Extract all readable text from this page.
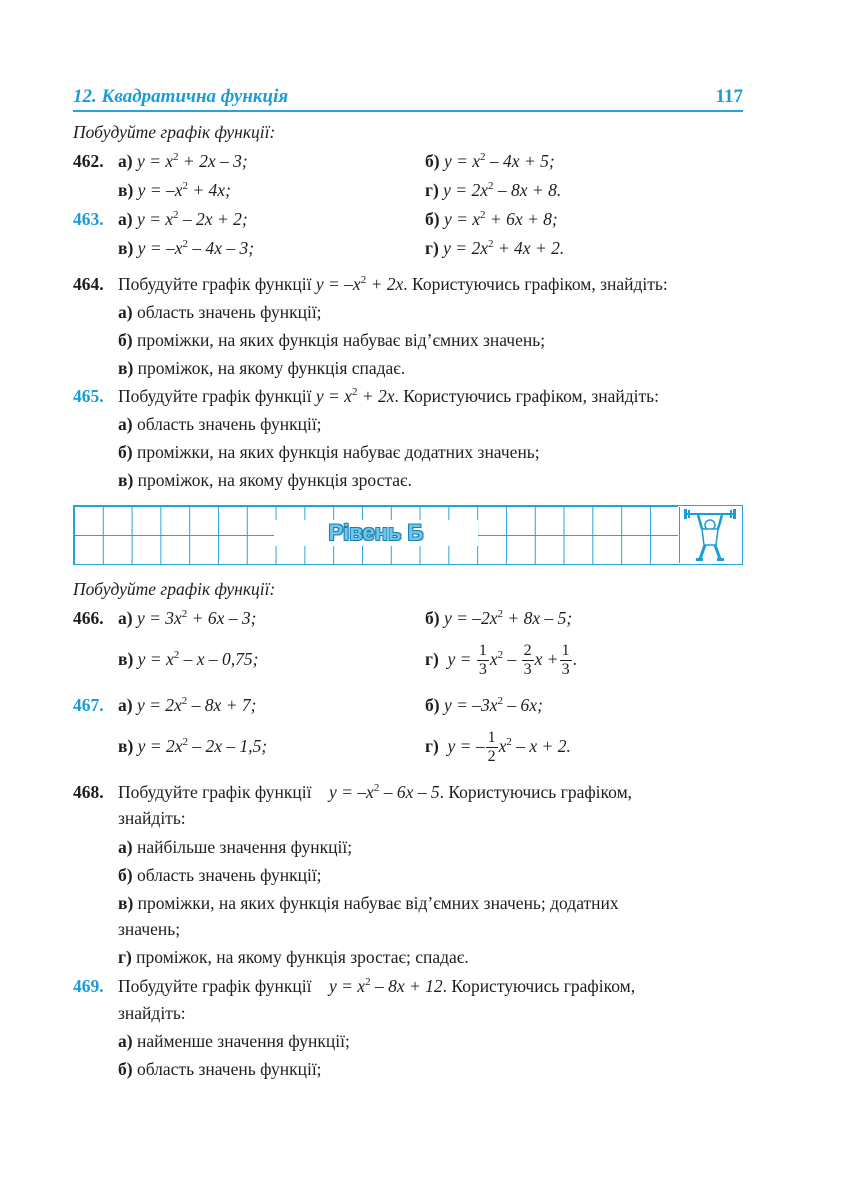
12. Квадратична функція	117
Побудуйте графік функції:
462. а) $y = x^2 + 2x - 3$;	б) $y = x^2 - 4x + 5$;
в) $y = -x^2 + 4x$;	г) $y = 2x^2 - 8x + 8$.
463. а) $y = x^2 - 2x + 2$;	б) $y = x^2 + 6x + 8$;
в) $y = -x^2 - 4x - 3$;	г) $y = 2x^2 + 4x + 2$.
464. Побудуйте графік функції $y = -x^2 + 2x$. Користуючись графіком, знайдіть:
а) область значень функції;
б) проміжки, на яких функція набуває від’ємних значень;
в) проміжок, на якому функція спадає.
465. Побудуйте графік функції $y = x^2 + 2x$. Користуючись графіком, знайдіть:
а) область значень функції;
б) проміжки, на яких функція набуває додатних значень;
в) проміжок, на якому функція зростає.
Рівень Б
Побудуйте графік функції:
466. а) $y = 3x^2 + 6x - 3$;	б) $y = -2x^2 + 8x - 5$;
в) $y = x^2 - x - 0,75$;	г) $y = \frac{1}{3} x^2 - \frac{2}{3}$ $x + \frac{1}{3}$ .
467. а) $y = 2x^2 - 8x + 7$;	б) $y = -3x^2 - 6x$;
в) $y = 2x^2 - 2x - 1,5$;	г) y = – $\frac{1}{2} x^2 - x + 2$.
468. Побудуйте графік функції    $y = -x^2 - 6x - 5$. Користуючись графіком,
знайдіть:
а) найбільше значення функції;
б) область значень функції;
в) проміжки, на яких функція набуває від’ємних значень; додатних
значень;
г) проміжок, на якому функція зростає; спадає.
469. Побудуйте графік функції    $y = x^2 - 8x + 12$. Користуючись графіком,
знайдіть:
а) найменше значення функції;
б) область значень функції;
